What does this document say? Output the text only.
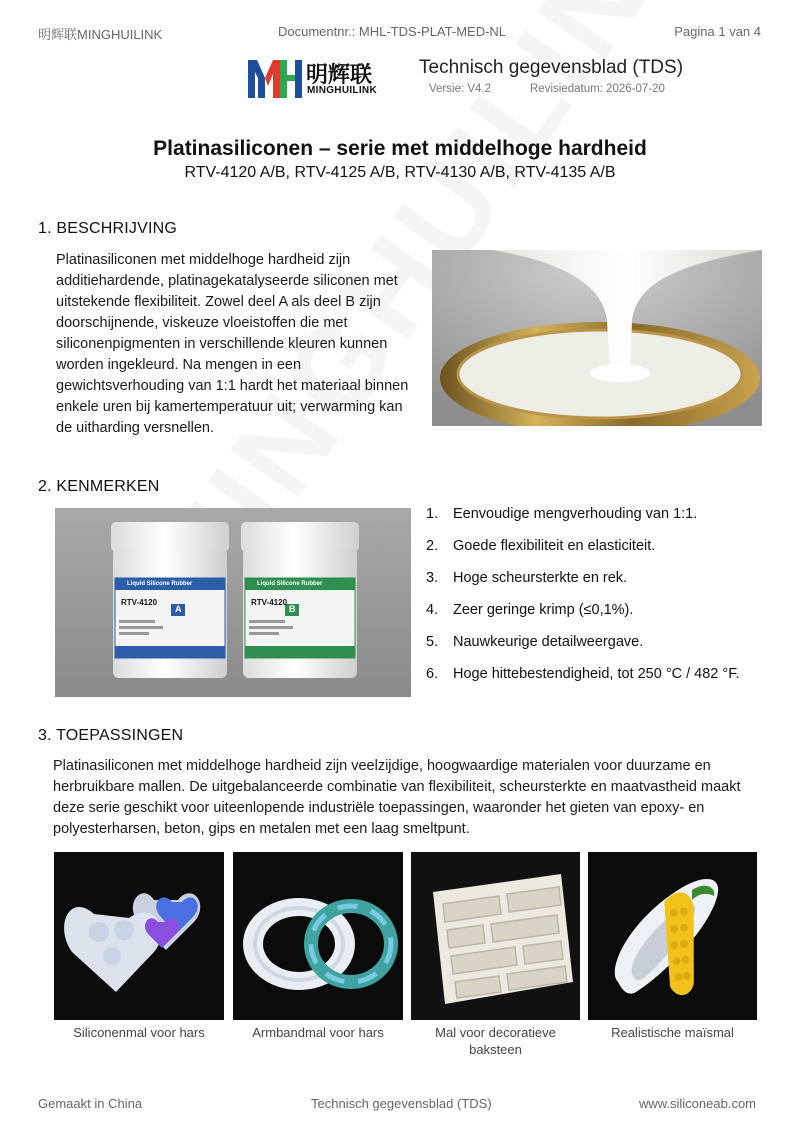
明辉联MINGHUILINK	Documentnr.: MHL-TDS-PLAT-MED-NL	Pagina 1 van 4
明辉联
MINGHUILINK
Technisch gegevensblad (TDS)
Versie: V4.2	Revisiedatum: 2026-07-20
Platinasiliconen – serie met middelhoge hardheid
RTV-4120 A/B, RTV-4125 A/B, RTV-4130 A/B, RTV-4135 A/B
1. BESCHRIJVING
Platinasiliconen met middelhoge hardheid zijn additiehardende, platinagekatalyseerde siliconen met uitstekende flexibiliteit. Zowel deel A als deel B zijn doorschijnende, viskeuze vloeistoffen die met siliconenpigmenten in verschillende kleuren kunnen worden ingekleurd. Na mengen in een gewichtsverhouding van 1:1 hardt het materiaal binnen enkele uren bij kamertemperatuur uit; verwarming kan de uitharding versnellen.
2. KENMERKEN
Liquid Silicone Rubber
RTV-4120
A
Liquid Silicone Rubber
RTV-4120
B
1.	Eenvoudige mengverhouding van 1:1.
2.	Goede flexibiliteit en elasticiteit.
3.	Hoge scheursterkte en rek.
4.	Zeer geringe krimp (≤0,1%).
5.	Nauwkeurige detailweergave.
6.	Hoge hittebestendigheid, tot 250 °C / 482 °F.
3. TOEPASSINGEN
Platinasiliconen met middelhoge hardheid zijn veelzijdige, hoogwaardige materialen voor duurzame en herbruikbare mallen. De uitgebalanceerde combinatie van flexibiliteit, scheursterkte en maatvastheid maakt deze serie geschikt voor uiteenlopende industriële toepassingen, waaronder het gieten van epoxy- en polyesterharsen, beton, gips en metalen met een laag smeltpunt.
Siliconenmal voor hars	Armbandmal voor hars	Mal voor decoratieve baksteen
Realistische maïsmal
Gemaakt in China	Technisch gegevensblad (TDS)	www.siliconeab.com
